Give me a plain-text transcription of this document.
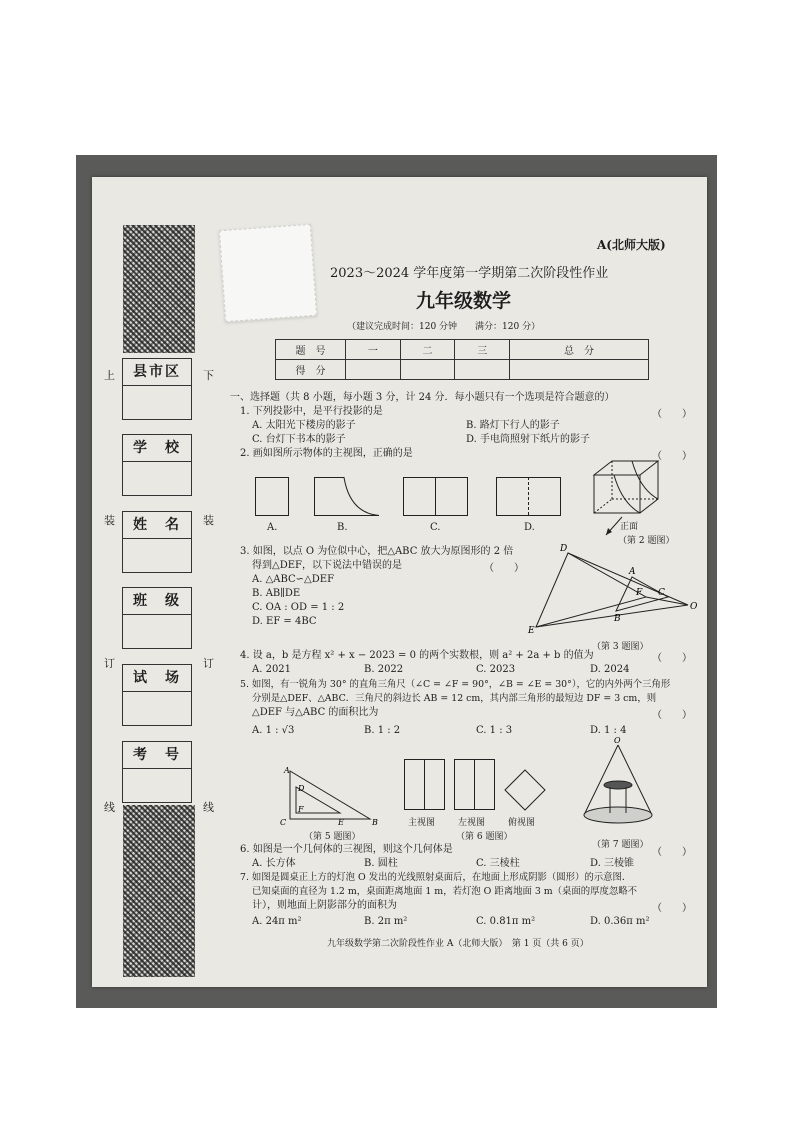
上
装
订
线
下
装
订
线
县市区
学　校
姓　名
班　级
试　场
考　号
A(北师大版)
2023～2024 学年度第一学期第二次阶段性作业
九年级数学
（建议完成时间：120 分钟　　满分：120 分）
题　号	一	二	三	总　分
得　分				
一、选择题（共 8 小题，每小题 3 分，计 24 分．每小题只有一个选项是符合题意的）
1. 下列投影中，是平行投影的是	（　　）
A. 太阳光下楼房的影子	B. 路灯下行人的影子
C. 台灯下书本的影子	D. 手电筒照射下纸片的影子
2. 画如图所示物体的主视图，正确的是	（　　）
A.	B.	C.	D.	正面
（第 2 题图）
3. 如图，以点 O 为位似中心，把△ABC 放大为原图形的 2 倍
得到△DEF，以下说法中错误的是	（　　）
A. △ABC∽△DEF
B. AB∥DE
C. OA : OD = 1 : 2
D. EF = 4BC
D
A
F C
O
E
B
（第 3 题图）
4. 设 a，b 是方程 x² + x − 2023 = 0 的两个实数根，则 a² + 2a + b 的值为	（　　）
A. 2021	B. 2022	C. 2023	D. 2024
5. 如图，有一锐角为 30° 的直角三角尺（∠C = ∠F = 90°，∠B = ∠E = 30°），它的内外两个三角形
分别是△DEF、△ABC．三角尺的斜边长 AB = 12 cm，其内部三角形的最短边 DF = 3 cm，则
△DEF 与△ABC 的面积比为	（　　）
A. 1 : √3	B. 1 : 2	C. 1 : 3	D. 1 : 4
A
D
C
F
E	B
（第 5 题图）
主视图	左视图	俯视图
（第 6 题图）
O
（第 7 题图）
6. 如图是一个几何体的三视图，则这个几何体是	（　　）
A. 长方体	B. 圆柱	C. 三棱柱	D. 三棱锥
7. 如图是圆桌正上方的灯泡 O 发出的光线照射桌面后，在地面上形成阴影（圆形）的示意图．
已知桌面的直径为 1.2 m，桌面距离地面 1 m，若灯泡 O 距离地面 3 m（桌面的厚度忽略不
计），则地面上阴影部分的面积为	（　　）
A. 24π m²	B. 2π m²	C. 0.81π m²	D. 0.36π m²
九年级数学第二次阶段性作业 A（北师大版）　第 1 页（共 6 页）
